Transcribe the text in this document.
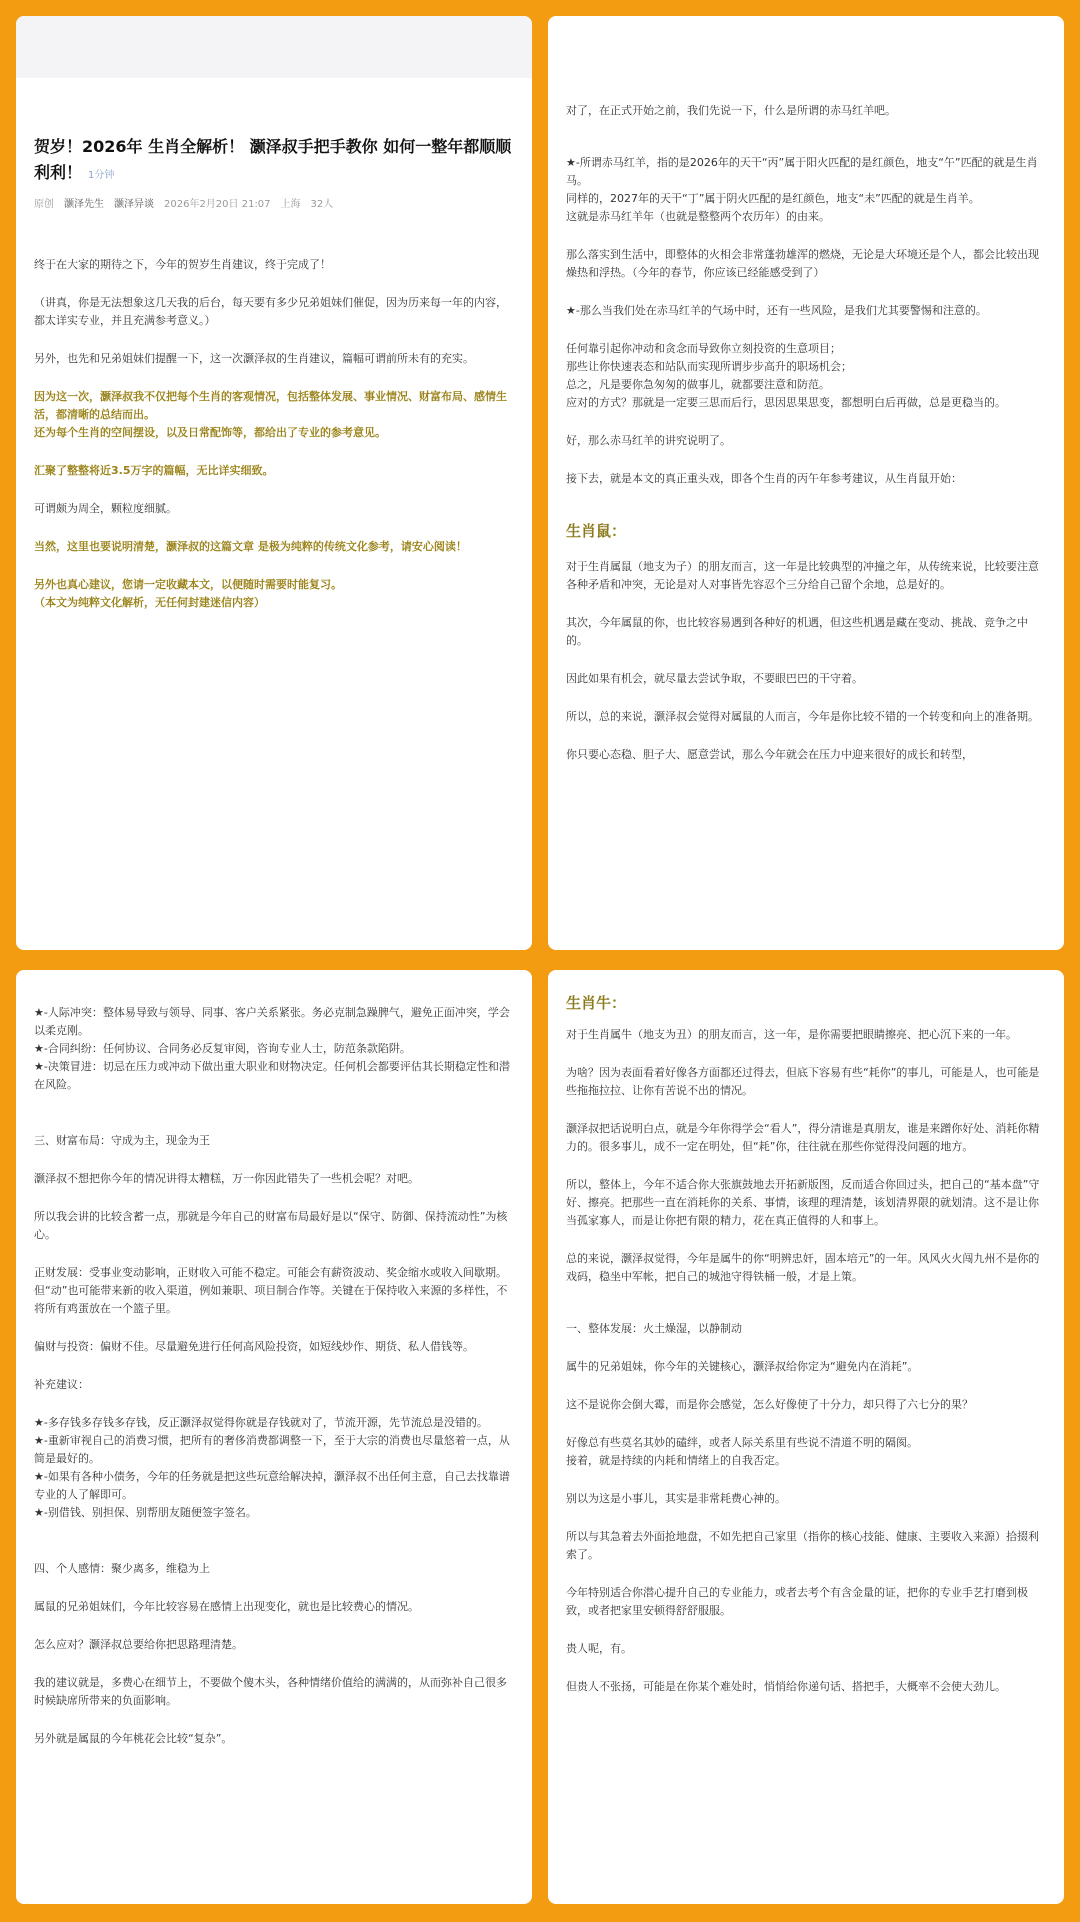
贺岁！2026年 生肖全解析！ 灏泽叔手把手教你 如何一整年都顺顺利利！ 1分钟
原创 灏泽先生 灏泽异谈 2026年2月20日 21:07 上海 32人

终于在大家的期待之下，今年的贺岁生肖建议，终于完成了！

（讲真，你是无法想象这几天我的后台，每天要有多少兄弟姐妹们催促，因为历来每一年的内容，都太详实专业，并且充满参考意义。）

另外，也先和兄弟姐妹们提醒一下，这一次灏泽叔的生肖建议，篇幅可谓前所未有的充实。

因为这一次，灏泽叔我不仅把每个生肖的客观情况，包括整体发展、事业情况、财富布局、感情生活，都清晰的总结而出。

还为每个生肖的空间摆设，以及日常配饰等，都给出了专业的参考意见。

汇聚了整整将近3.5万字的篇幅，无比详实细致。

可谓颇为周全，颗粒度细腻。

当然，这里也要说明清楚，灏泽叔的这篇文章 是极为纯粹的传统文化参考，请安心阅读！

另外也真心建议，您请一定收藏本文，以便随时需要时能复习。

（本文为纯粹文化解析，无任何封建迷信内容）

对了，在正式开始之前，我们先说一下，什么是所谓的赤马红羊吧。

★-所谓赤马红羊，指的是2026年的天干“丙”属于阳火匹配的是红颜色，地支“午”匹配的就是生肖马。

同样的，2027年的天干“丁”属于阴火匹配的是红颜色，地支“未”匹配的就是生肖羊。

这就是赤马红羊年（也就是整整两个农历年）的由来。

那么落实到生活中，即整体的火相会非常蓬勃雄浑的燃烧，无论是大环境还是个人，都会比较出现燥热和浮热。（今年的春节，你应该已经能感受到了）

★-那么当我们处在赤马红羊的气场中时，还有一些风险，是我们尤其要警惕和注意的。

任何靠引起你冲动和贪念而导致你立刻投资的生意项目；

那些让你快速表态和站队而实现所谓步步高升的职场机会；

总之，凡是要你急匆匆的做事儿，就都要注意和防范。

应对的方式？那就是一定要三思而后行，思因思果思变，都想明白后再做，总是更稳当的。

好，那么赤马红羊的讲究说明了。

接下去，就是本文的真正重头戏，即各个生肖的丙午年参考建议，从生肖鼠开始：

生肖鼠：

对于生肖属鼠（地支为子）的朋友而言，这一年是比较典型的冲撞之年，从传统来说，比较要注意各种矛盾和冲突，无论是对人对事皆先容忍个三分给自己留个余地，总是好的。

其次，今年属鼠的你，也比较容易遇到各种好的机遇，但这些机遇是藏在变动、挑战、竞争之中的。

因此如果有机会，就尽量去尝试争取，不要眼巴巴的干守着。

所以，总的来说，灏泽叔会觉得对属鼠的人而言，今年是你比较不错的一个转变和向上的准备期。

你只要心态稳、胆子大、愿意尝试，那么今年就会在压力中迎来很好的成长和转型，

★-人际冲突：整体易导致与领导、同事、客户关系紧张。务必克制急躁脾气，避免正面冲突，学会以柔克刚。

★-合同纠纷：任何协议、合同务必反复审阅，咨询专业人士，防范条款陷阱。

★-决策冒进：切忌在压力或冲动下做出重大职业和财物决定。任何机会都要评估其长期稳定性和潜在风险。

三、财富布局：守成为主，现金为王

灏泽叔不想把你今年的情况讲得太糟糕，万一你因此错失了一些机会呢？对吧。

所以我会讲的比较含蓄一点，那就是今年自己的财富布局最好是以“保守、防御、保持流动性”为核心。

正财发展：受事业变动影响，正财收入可能不稳定。可能会有薪资波动、奖金缩水或收入间歇期。

但“动”也可能带来新的收入渠道，例如兼职、项目制合作等。关键在于保持收入来源的多样性，不将所有鸡蛋放在一个篮子里。

偏财与投资：偏财不佳。尽量避免进行任何高风险投资，如短线炒作、期货、私人借钱等。

补充建议：

★-多存钱多存钱多存钱，反正灏泽叔觉得你就是存钱就对了，节流开源，先节流总是没错的。

★-重新审视自己的消费习惯，把所有的奢侈消费都调整一下，至于大宗的消费也尽量悠着一点，从简是最好的。

★-如果有各种小债务，今年的任务就是把这些玩意给解决掉，灏泽叔不出任何主意，自己去找靠谱专业的人了解即可。

★-别借钱、别担保、别帮朋友随便签字签名。

四、个人感情：聚少离多，维稳为上

属鼠的兄弟姐妹们，今年比较容易在感情上出现变化，就也是比较费心的情况。

怎么应对？灏泽叔总要给你把思路理清楚。

我的建议就是，多费心在细节上，不要做个傻木头，各种情绪价值给的满满的，从而弥补自己很多时候缺席所带来的负面影响。

另外就是属鼠的今年桃花会比较“复杂”。

生肖牛：

对于生肖属牛（地支为丑）的朋友而言，这一年，是你需要把眼睛擦亮、把心沉下来的一年。

为啥？因为表面看着好像各方面都还过得去，但底下容易有些“耗你”的事儿，可能是人，也可能是些拖拖拉拉、让你有苦说不出的情况。

灏泽叔把话说明白点，就是今年你得学会“看人”，得分清谁是真朋友，谁是来蹭你好处、消耗你精力的。很多事儿，成不一定在明处，但“耗”你，往往就在那些你觉得没问题的地方。

所以，整体上，今年不适合你大张旗鼓地去开拓新版图，反而适合你回过头，把自己的“基本盘”守好、擦亮。把那些一直在消耗你的关系、事情，该理的理清楚，该划清界限的就划清。这不是让你当孤家寡人，而是让你把有限的精力，花在真正值得的人和事上。

总的来说，灏泽叔觉得，今年是属牛的你“明辨忠奸，固本培元”的一年。风风火火闯九州不是你的戏码，稳坐中军帐，把自己的城池守得铁桶一般，才是上策。

一、整体发展：火土燥湿，以静制动

属牛的兄弟姐妹，你今年的关键核心，灏泽叔给你定为“避免内在消耗”。

这不是说你会倒大霉，而是你会感觉，怎么好像使了十分力，却只得了六七分的果？

好像总有些莫名其妙的磕绊，或者人际关系里有些说不清道不明的隔阂。

接着，就是持续的内耗和情绪上的自我否定。

别以为这是小事儿，其实是非常耗费心神的。

所以与其急着去外面抢地盘，不如先把自己家里（指你的核心技能、健康、主要收入来源）拾掇利索了。

今年特别适合你潜心提升自己的专业能力，或者去考个有含金量的证，把你的专业手艺打磨到极致，或者把家里安顿得舒舒服服。

贵人呢，有。

但贵人不张扬，可能是在你某个难处时，悄悄给你递句话、搭把手，大概率不会使大劲儿。
